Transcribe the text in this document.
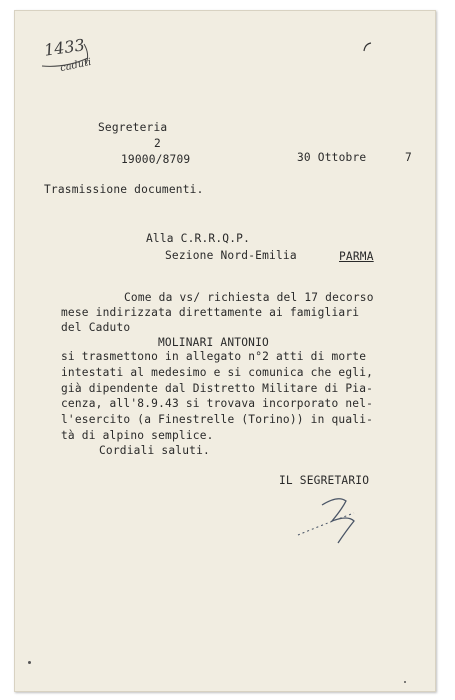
1433
caduti
Segreteria
2
19000/8709	30 Ottobre	7
Trasmissione documenti.
Alla C.R.R.Q.P.
Sezione Nord-Emilia	PARMA
Come da vs/ richiesta del 17 decorso
mese indirizzata direttamente ai famigliari
del Caduto
MOLINARI ANTONIO
si trasmettono in allegato n°2 atti di morte
intestati al medesimo e si comunica che egli,
già dipendente dal Distretto Militare di Pia-
cenza, all'8.9.43 si trovava incorporato nel-
l'esercito (a Finestrelle (Torino)) in quali-
tà di alpino semplice.
Cordiali saluti.
IL SEGRETARIO
